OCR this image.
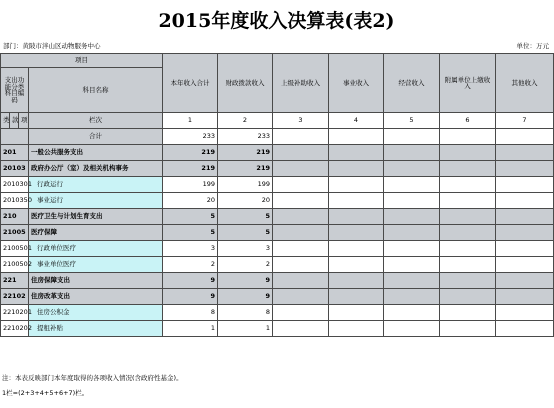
2015年度收入决算表(表2)
部门：黄陂市泮山区动物服务中心	单位：万元
项目				本年收入合计	财政拨款收入	上级补助收入	事业收入	经营收入	附属单位上缴收入	其他收入
支出功能分类科目编码			科目名称							

类	款	项	栏次	1	2	3	4	5	6	7
			合计	233	233					
201			一般公共服务支出	219	219					
20103			政府办公厅（室）及相关机构事务	219	219					
2010301			行政运行	199	199					
2010350			事业运行	20	20					
210			医疗卫生与计划生育支出	5	5					
21005			医疗保障	5	5					
2100501			行政单位医疗	3	3					
2100502			事业单位医疗	2	2					
221			住房保障支出	9	9					
22102			住房改革支出	9	9					
2210201			住房公积金	8	8					
2210202			提租补贴	1	1					
注：本表反映部门本年度取得的各项收入情况(含政府性基金)。
1栏=(2+3+4+5+6+7)栏。
